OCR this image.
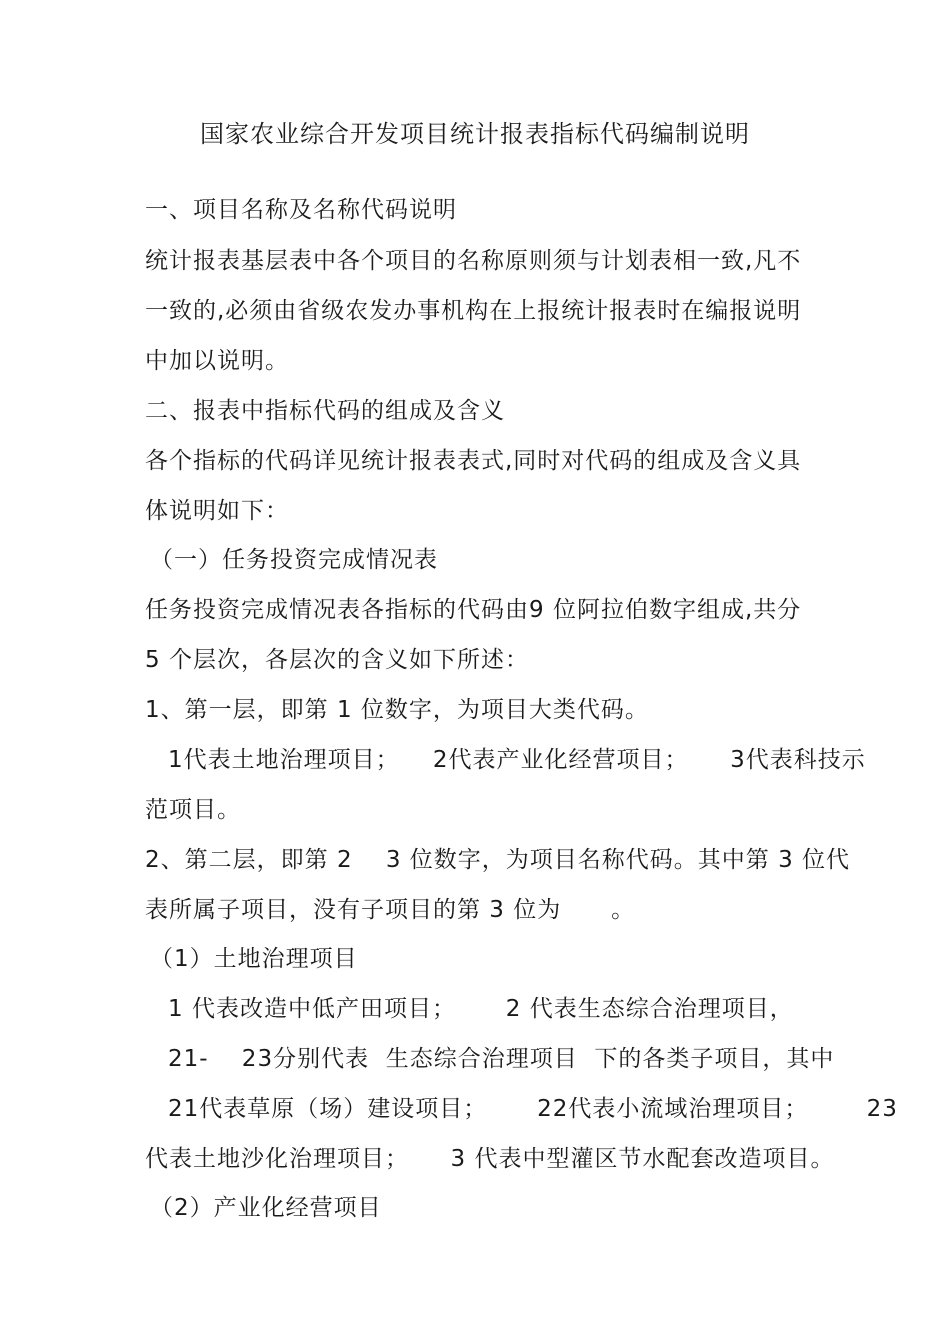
国家农业综合开发项目统计报表指标代码编制说明
一、项目名称及名称代码说明
统计报表基层表中各个项目的名称原则须与计划表相一致,凡不
一致的,必须由省级农发办事机构在上报统计报表时在编报说明
中加以说明。
二、报表中指标代码的组成及含义
各个指标的代码详见统计报表表式,同时对代码的组成及含义具
体说明如下：
（一）任务投资完成情况表
任务投资完成情况表各指标的代码由9 位阿拉伯数字组成,共分
5 个层次，各层次的含义如下所述：
1、第一层，即第 1 位数字，为项目大类代码。
1代表土地治理项目；    2代表产业化经营项目；     3代表科技示
范项目。
2、第二层，即第 2    3 位数字，为项目名称代码。其中第 3 位代
表所属子项目，没有子项目的第 3 位为      。
（1）土地治理项目
1 代表改造中低产田项目；      2 代表生态综合治理项目，
21-    23分别代表  生态综合治理项目  下的各类子项目，其中
21代表草原（场）建设项目；      22代表小流域治理项目；       23
代表土地沙化治理项目；     3 代表中型灌区节水配套改造项目。
（2）产业化经营项目
